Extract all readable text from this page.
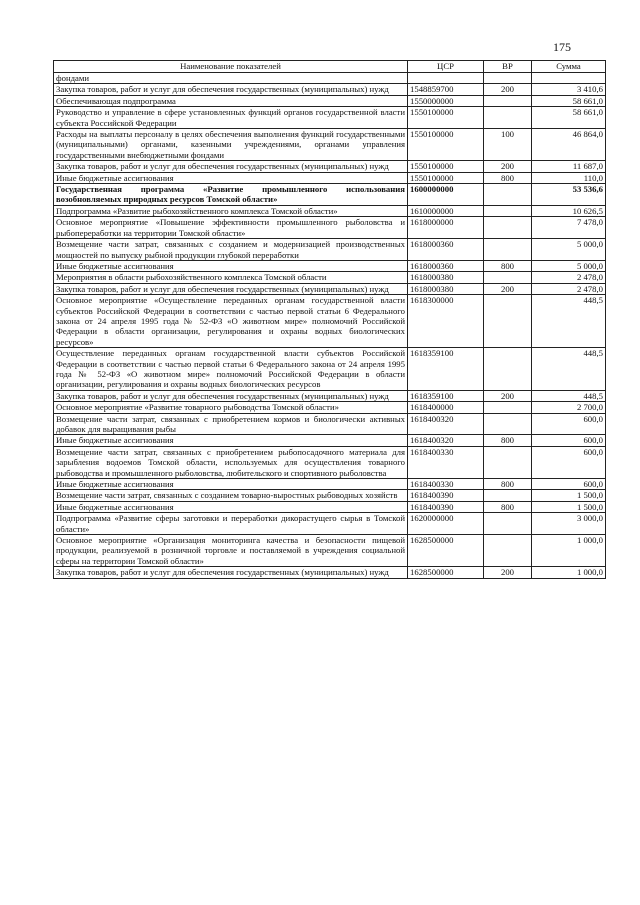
175
Наименование показателей	ЦСР	ВР	Сумма
фондами			
Закупка товаров, работ и услуг для обеспечения государственных (муниципальных) нужд	1548859700	200	3 410,6
Обеспечивающая подпрограмма	1550000000		58 661,0
Руководство и управление в сфере установленных функций органов государственной власти субъекта Российской Федерации	1550100000		58 661,0
Расходы на выплаты персоналу в целях обеспечения выполнения функций государственными (муниципальными) органами, казенными учреждениями, органами управления государственными внебюджетными фондами	1550100000	100	46 864,0
Закупка товаров, работ и услуг для обеспечения государственных (муниципальных) нужд	1550100000	200	11 687,0
Иные бюджетные ассигнования	1550100000	800	110,0
Государственная программа «Развитие промышленного использования возобновляемых природных ресурсов Томской области»	1600000000		53 536,6
Подпрограмма «Развитие рыбохозяйственного комплекса Томской области»	1610000000		10 626,5
Основное мероприятие «Повышение эффективности промышленного рыболовства и рыбопереработки на территории Томской области»	1618000000		7 478,0
Возмещение части затрат, связанных с созданием и модернизацией производственных мощностей по выпуску рыбной продукции глубокой переработки	1618000360		5 000,0
Иные бюджетные ассигнования	1618000360	800	5 000,0
Мероприятия в области рыбохозяйственного комплекса Томской области	1618000380		2 478,0
Закупка товаров, работ и услуг для обеспечения государственных (муниципальных) нужд	1618000380	200	2 478,0
Основное мероприятие «Осуществление переданных органам государственной власти субъектов Российской Федерации в соответствии с частью первой статьи 6 Федерального закона от 24 апреля 1995 года № 52-ФЗ «О животном мире» полномочий Российской Федерации в области организации, регулирования и охраны водных биологических ресурсов»	1618300000		448,5
Осуществление переданных органам государственной власти субъектов Российской Федерации в соответствии с частью первой статьи 6 Федерального закона от 24 апреля 1995 года № 52-ФЗ «О животном мире» полномочий Российской Федерации в области организации, регулирования и охраны водных биологических ресурсов	1618359100		448,5
Закупка товаров, работ и услуг для обеспечения государственных (муниципальных) нужд	1618359100	200	448,5
Основное мероприятие «Развитие товарного рыбоводства Томской области»	1618400000		2 700,0
Возмещение части затрат, связанных с приобретением кормов и биологически активных добавок для выращивания рыбы	1618400320		600,0
Иные бюджетные ассигнования	1618400320	800	600,0
Возмещение части затрат, связанных с приобретением рыбопосадочного материала для зарыбления водоемов Томской области, используемых для осуществления товарного рыбоводства и промышленного рыболовства, любительского и спортивного рыболовства	1618400330		600,0
Иные бюджетные ассигнования	1618400330	800	600,0
Возмещение части затрат, связанных с созданием товарно-выростных рыбоводных хозяйств	1618400390		1 500,0
Иные бюджетные ассигнования	1618400390	800	1 500,0
Подпрограмма «Развитие сферы заготовки и переработки дикорастущего сырья в Томской области»	1620000000		3 000,0
Основное мероприятие «Организация мониторинга качества и безопасности пищевой продукции, реализуемой в розничной торговле и поставляемой в учреждения социальной сферы на территории Томской области»	1628500000		1 000,0
Закупка товаров, работ и услуг для обеспечения государственных (муниципальных) нужд	1628500000	200	1 000,0
